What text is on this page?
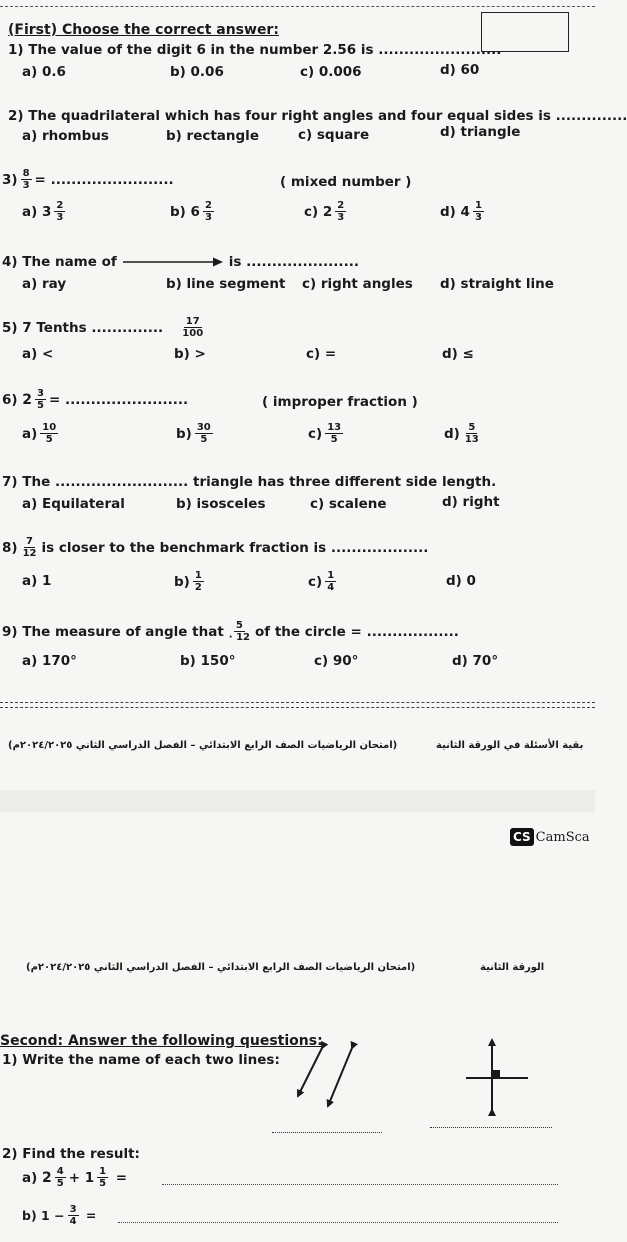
(First) Choose the correct answer:
1) The value of the digit 6 in the number 2.56 is ........................
a) 0.6	b) 0.06	c) 0.006	d) 60
2) The quadrilateral which has four right angles and four equal sides is ..............
a) rhombus	b) rectangle	c) square	d) triangle
$3) \frac{8}{3}$ =
........................	( mixed number )
a)
$3 \frac{2}{3}$	b)
$6 \frac{2}{3}$	c)
$2 \frac{2}{3}$	d)
$4 \frac{1}{3}$
4)
The name of	is
......................
a) ray	b) line segment c) right angles d) straight line
5)
7 Tenths
..............
$\frac{17}{100}$
a) <	b) >	c) =	d) ≤
6)
$2 \frac{3}{5}$ =
........................	( improper fraction )
$a) \frac{10}{5}$	$b) \frac{30}{5}$	$c) \frac{13}{5}$	$d) \frac{5}{13}$
7) The .......................... triangle has three different side length.
a) Equilateral	b) isosceles	c) scalene	d) right
$8) \frac{7}{12}$ is closer to the benchmark fraction is
...................
a) 1	$b) \frac{1}{2}$	$c) \frac{1}{4}$	d) 0
9)
The measure of angle that $\frac{5}{\cdot 12}$ of the circle =
..................
a) 170°	b) 150°	c) 90°	d) 70°
(امتحان الرياضيات الصف الرابع الابتدائي – الفصل الدراسي الثاني ٢٠٢٤/٢٠٢٥م)	بقية الأسئلة في الورقة الثانية
CS CamSca
(امتحان الرياضيات الصف الرابع الابتدائي – الفصل الدراسي الثاني ٢٠٢٤/٢٠٢٥م)	الورقة الثانية
Second: Answer the following questions:
1) Write the name of each two lines:
2) Find the result:
a)
$2 \frac{4}{5} + 1 \frac{1}{5}$
=
b)
$1 - \frac{3}{4}$
=
